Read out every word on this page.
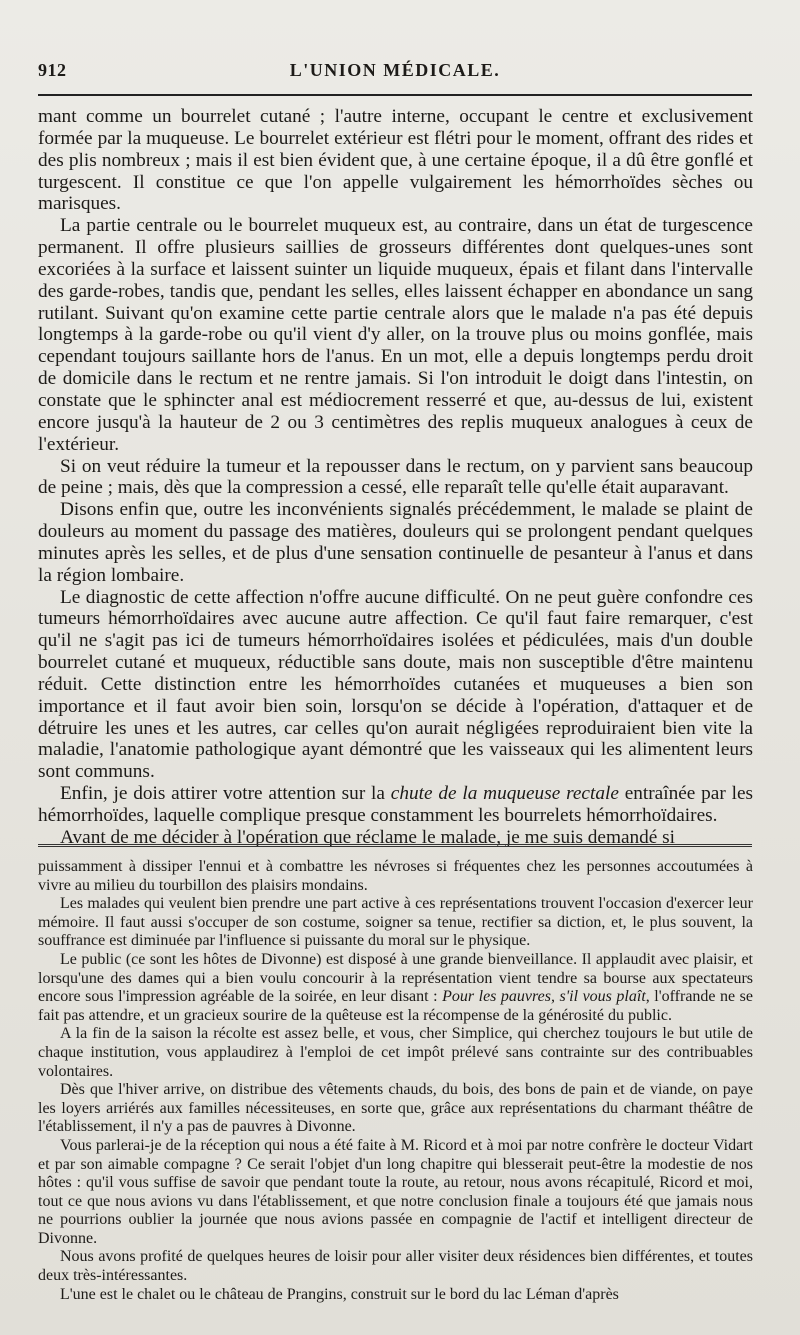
912	L'UNION MÉDICALE.

mant comme un bourrelet cutané ; l'autre interne, occupant le centre et exclusivement formée par la muqueuse. Le bourrelet extérieur est flétri pour le moment, offrant des rides et des plis nombreux ; mais il est bien évident que, à une certaine époque, il a dû être gonflé et turgescent. Il constitue ce que l'on appelle vulgairement les hémorrhoïdes sèches ou marisques.

La partie centrale ou le bourrelet muqueux est, au contraire, dans un état de turgescence permanent. Il offre plusieurs saillies de grosseurs différentes dont quelques-unes sont excoriées à la surface et laissent suinter un liquide muqueux, épais et filant dans l'intervalle des garde-robes, tandis que, pendant les selles, elles laissent échapper en abondance un sang rutilant. Suivant qu'on examine cette partie centrale alors que le malade n'a pas été depuis longtemps à la garde-robe ou qu'il vient d'y aller, on la trouve plus ou moins gonflée, mais cependant toujours saillante hors de l'anus. En un mot, elle a depuis longtemps perdu droit de domicile dans le rectum et ne rentre jamais. Si l'on introduit le doigt dans l'intestin, on constate que le sphincter anal est médiocrement resserré et que, au-dessus de lui, existent encore jusqu'à la hauteur de 2 ou 3 centimètres des replis muqueux analogues à ceux de l'extérieur.

Si on veut réduire la tumeur et la repousser dans le rectum, on y parvient sans beaucoup de peine ; mais, dès que la compression a cessé, elle reparaît telle qu'elle était auparavant.

Disons enfin que, outre les inconvénients signalés précédemment, le malade se plaint de douleurs au moment du passage des matières, douleurs qui se prolongent pendant quelques minutes après les selles, et de plus d'une sensation continuelle de pesanteur à l'anus et dans la région lombaire.

Le diagnostic de cette affection n'offre aucune difficulté. On ne peut guère confondre ces tumeurs hémorrhoïdaires avec aucune autre affection. Ce qu'il faut faire remarquer, c'est qu'il ne s'agit pas ici de tumeurs hémorrhoïdaires isolées et pédiculées, mais d'un double bourrelet cutané et muqueux, réductible sans doute, mais non susceptible d'être maintenu réduit. Cette distinction entre les hémorrhoïdes cutanées et muqueuses a bien son importance et il faut avoir bien soin, lorsqu'on se décide à l'opération, d'attaquer et de détruire les unes et les autres, car celles qu'on aurait négligées reproduiraient bien vite la maladie, l'anatomie pathologique ayant démontré que les vaisseaux qui les alimentent leurs sont communs.

Enfin, je dois attirer votre attention sur la chute de la muqueuse rectale entraînée par les hémorrhoïdes, laquelle complique presque constamment les bourrelets hémorrhoïdaires.

Avant de me décider à l'opération que réclame le malade, je me suis demandé si

puissamment à dissiper l'ennui et à combattre les névroses si fréquentes chez les personnes accoutumées à vivre au milieu du tourbillon des plaisirs mondains.

Les malades qui veulent bien prendre une part active à ces représentations trouvent l'occasion d'exercer leur mémoire. Il faut aussi s'occuper de son costume, soigner sa tenue, rectifier sa diction, et, le plus souvent, la souffrance est diminuée par l'influence si puissante du moral sur le physique.

Le public (ce sont les hôtes de Divonne) est disposé à une grande bienveillance. Il applaudit avec plaisir, et lorsqu'une des dames qui a bien voulu concourir à la représentation vient tendre sa bourse aux spectateurs encore sous l'impression agréable de la soirée, en leur disant : Pour les pauvres, s'il vous plaît, l'offrande ne se fait pas attendre, et un gracieux sourire de la quêteuse est la récompense de la générosité du public.

A la fin de la saison la récolte est assez belle, et vous, cher Simplice, qui cherchez toujours le but utile de chaque institution, vous applaudirez à l'emploi de cet impôt prélevé sans contrainte sur des contribuables volontaires.

Dès que l'hiver arrive, on distribue des vêtements chauds, du bois, des bons de pain et de viande, on paye les loyers arriérés aux familles nécessiteuses, en sorte que, grâce aux représentations du charmant théâtre de l'établissement, il n'y a pas de pauvres à Divonne.

Vous parlerai-je de la réception qui nous a été faite à M. Ricord et à moi par notre confrère le docteur Vidart et par son aimable compagne ? Ce serait l'objet d'un long chapitre qui blesserait peut-être la modestie de nos hôtes : qu'il vous suffise de savoir que pendant toute la route, au retour, nous avons récapitulé, Ricord et moi, tout ce que nous avions vu dans l'établissement, et que notre conclusion finale a toujours été que jamais nous ne pourrions oublier la journée que nous avions passée en compagnie de l'actif et intelligent directeur de Divonne.

Nous avons profité de quelques heures de loisir pour aller visiter deux résidences bien différentes, et toutes deux très-intéressantes.

L'une est le chalet ou le château de Prangins, construit sur le bord du lac Léman d'après
